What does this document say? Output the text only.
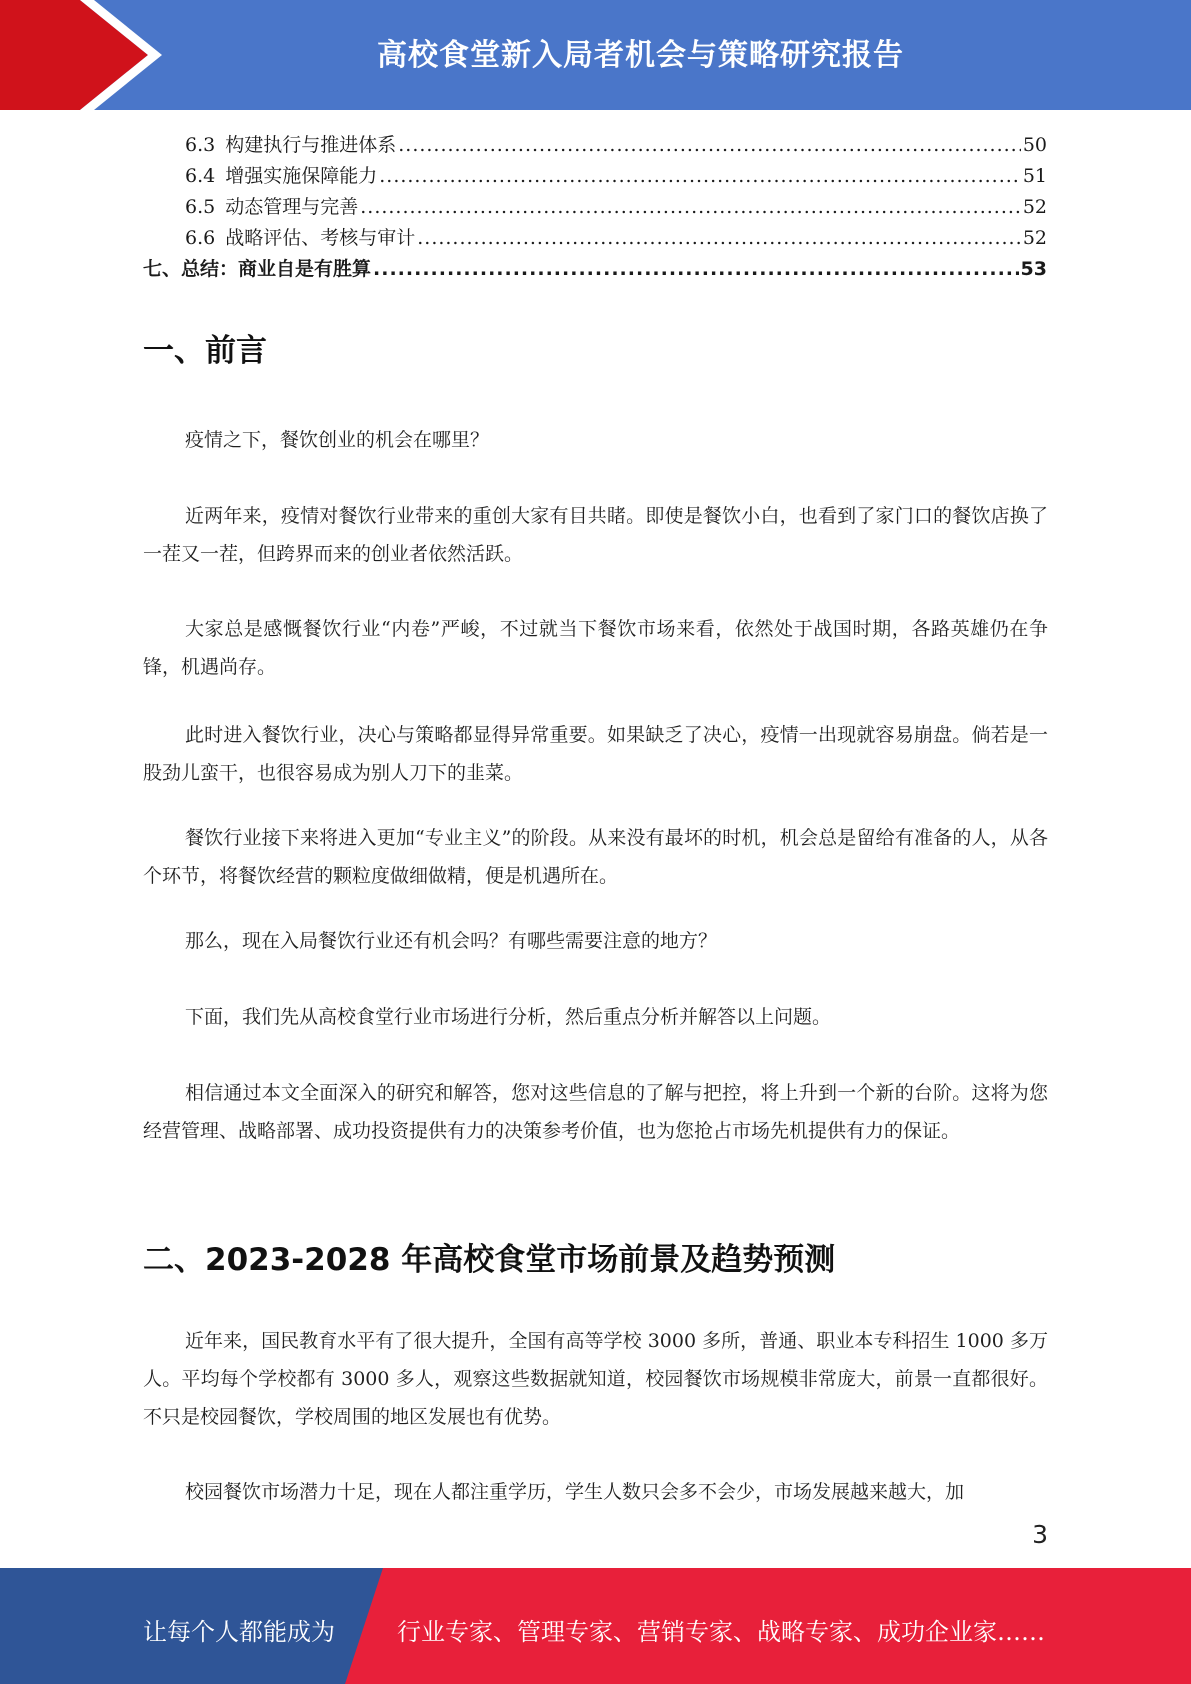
高校食堂新入局者机会与策略研究报告
6.3 构建执行与推进体系 .....	50
6.4 增强实施保障能力 .....	51
6.5 动态管理与完善 .....	52
6.6 战略评估、考核与审计 .....	52
七、总结：商业自是有胜算 .....	53
一、前言

疫情之下，餐饮创业的机会在哪里？

近两年来，疫情对餐饮行业带来的重创大家有目共睹。即使是餐饮小白，也看到了家门口的餐饮店换了一茬又一茬，但跨界而来的创业者依然活跃。

大家总是感慨餐饮行业“内卷”严峻，不过就当下餐饮市场来看，依然处于战国时期，各路英雄仍在争锋，机遇尚存。

此时进入餐饮行业，决心与策略都显得异常重要。如果缺乏了决心，疫情一出现就容易崩盘。倘若是一股劲儿蛮干，也很容易成为别人刀下的韭菜。

餐饮行业接下来将进入更加“专业主义”的阶段。从来没有最坏的时机，机会总是留给有准备的人，从各个环节，将餐饮经营的颗粒度做细做精，便是机遇所在。

那么，现在入局餐饮行业还有机会吗？有哪些需要注意的地方？

下面，我们先从高校食堂行业市场进行分析，然后重点分析并解答以上问题。

相信通过本文全面深入的研究和解答，您对这些信息的了解与把控，将上升到一个新的台阶。这将为您经营管理、战略部署、成功投资提供有力的决策参考价值，也为您抢占市场先机提供有力的保证。

二、2023-2028 年高校食堂市场前景及趋势预测

近年来，国民教育水平有了很大提升，全国有高等学校 3000 多所，普通、职业本专科招生 1000 多万人。平均每个学校都有 3000 多人，观察这些数据就知道，校园餐饮市场规模非常庞大，前景一直都很好。不只是校园餐饮，学校周围的地区发展也有优势。

校园餐饮市场潜力十足，现在人都注重学历，学生人数只会多不会少，市场发展越来越大，加

3
让每个人都能成为	行业专家、管理专家、营销专家、战略专家、成功企业家……
